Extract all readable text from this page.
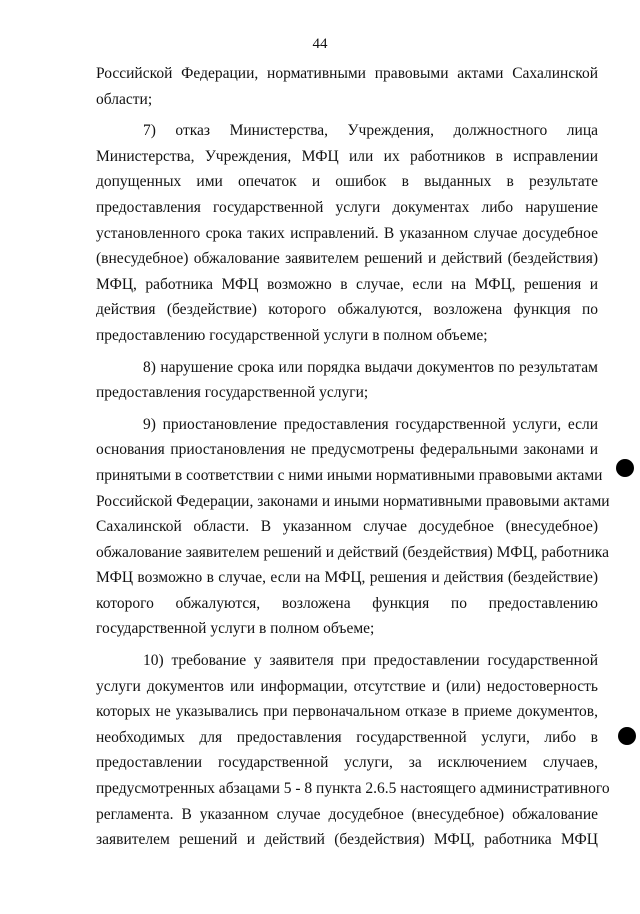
44
Российской Федерации, нормативными правовыми актами Сахалинской
области;
7) отказ Министерства, Учреждения, должностного лица
Министерства, Учреждения, МФЦ или их работников в исправлении
допущенных ими опечаток и ошибок в выданных в результате
предоставления государственной услуги документах либо нарушение
установленного срока таких исправлений. В указанном случае досудебное
(внесудебное) обжалование заявителем решений и действий (бездействия)
МФЦ, работника МФЦ возможно в случае, если на МФЦ, решения и
действия (бездействие) которого обжалуются, возложена функция по
предоставлению государственной услуги в полном объеме;
8) нарушение срока или порядка выдачи документов по результатам
предоставления государственной услуги;
9) приостановление предоставления государственной услуги, если
основания приостановления не предусмотрены федеральными законами и
принятыми в соответствии с ними иными нормативными правовыми актами
Российской Федерации, законами и иными нормативными правовыми актами
Сахалинской области. В указанном случае досудебное (внесудебное)
обжалование заявителем решений и действий (бездействия) МФЦ, работника
МФЦ возможно в случае, если на МФЦ, решения и действия (бездействие)
которого обжалуются, возложена функция по предоставлению
государственной услуги в полном объеме;
10) требование у заявителя при предоставлении государственной
услуги документов или информации, отсутствие и (или) недостоверность
которых не указывались при первоначальном отказе в приеме документов,
необходимых для предоставления государственной услуги, либо в
предоставлении государственной услуги, за исключением случаев,
предусмотренных абзацами 5 - 8 пункта 2.6.5 настоящего административного
регламента. В указанном случае досудебное (внесудебное) обжалование
заявителем решений и действий (бездействия) МФЦ, работника МФЦ
